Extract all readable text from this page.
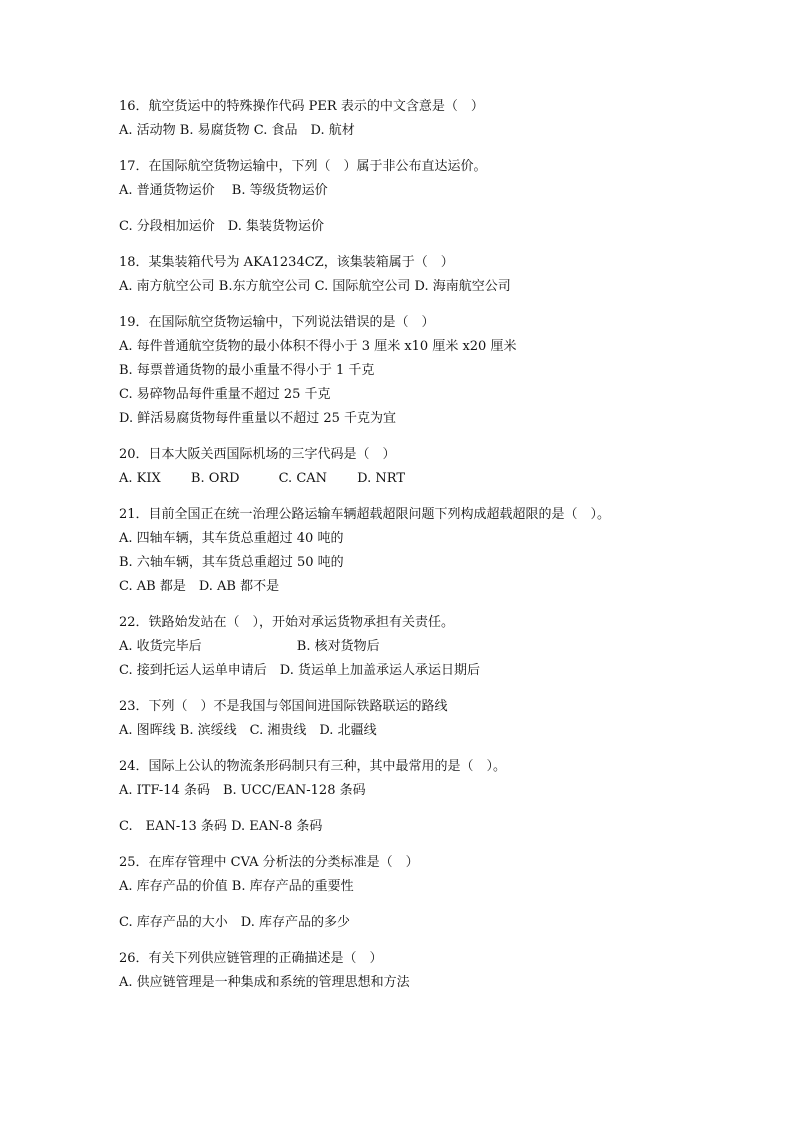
16．航空货运中的特殊操作代码 PER 表示的中文含意是（　）
A. 活动物 B. 易腐货物 C. 食品　D. 航材
17．在国际航空货物运输中，下列（　）属于非公布直达运价。
A. 普通货物运价　 B. 等级货物运价
C. 分段相加运价　D. 集装货物运价
18．某集装箱代号为 AKA1234CZ，该集装箱属于（　）
A. 南方航空公司 B.东方航空公司 C. 国际航空公司 D. 海南航空公司
19．在国际航空货物运输中，下列说法错误的是（　）
A. 每件普通航空货物的最小体积不得小于 3 厘米 x10 厘米 x20 厘米
B. 每票普通货物的最小重量不得小于 1 千克
C. 易碎物品每件重量不超过 25 千克
D. 鲜活易腐货物每件重量以不超过 25 千克为宜
20．日本大阪关西国际机场的三字代码是（　）
A. KIX　　 B. ORD　　　C. CAN　　 D. NRT
21．目前全国正在统一治理公路运输车辆超载超限问题下列构成超载超限的是（　）。
A. 四轴车辆，其车货总重超过 40 吨的
B. 六轴车辆，其车货总重超过 50 吨的
C. AB 都是　D. AB 都不是
22．铁路始发站在（　），开始对承运货物承担有关责任。
A. 收货完毕后　　　　　　　 B. 核对货物后
C. 接到托运人运单申请后　D. 货运单上加盖承运人承运日期后
23．下列（　）不是我国与邻国间进国际铁路联运的路线
A. 图晖线 B. 滨绥线　C. 湘贵线　D. 北疆线
24．国际上公认的物流条形码制只有三种，其中最常用的是（　）。
A. ITF-14 条码　B. UCC/EAN-128 条码
C.　EAN-13 条码 D. EAN-8 条码
25．在库存管理中 CVA 分析法的分类标准是（　）
A. 库存产品的价值 B. 库存产品的重要性
C. 库存产品的大小　D. 库存产品的多少
26．有关下列供应链管理的正确描述是（　）
A. 供应链管理是一种集成和系统的管理思想和方法
